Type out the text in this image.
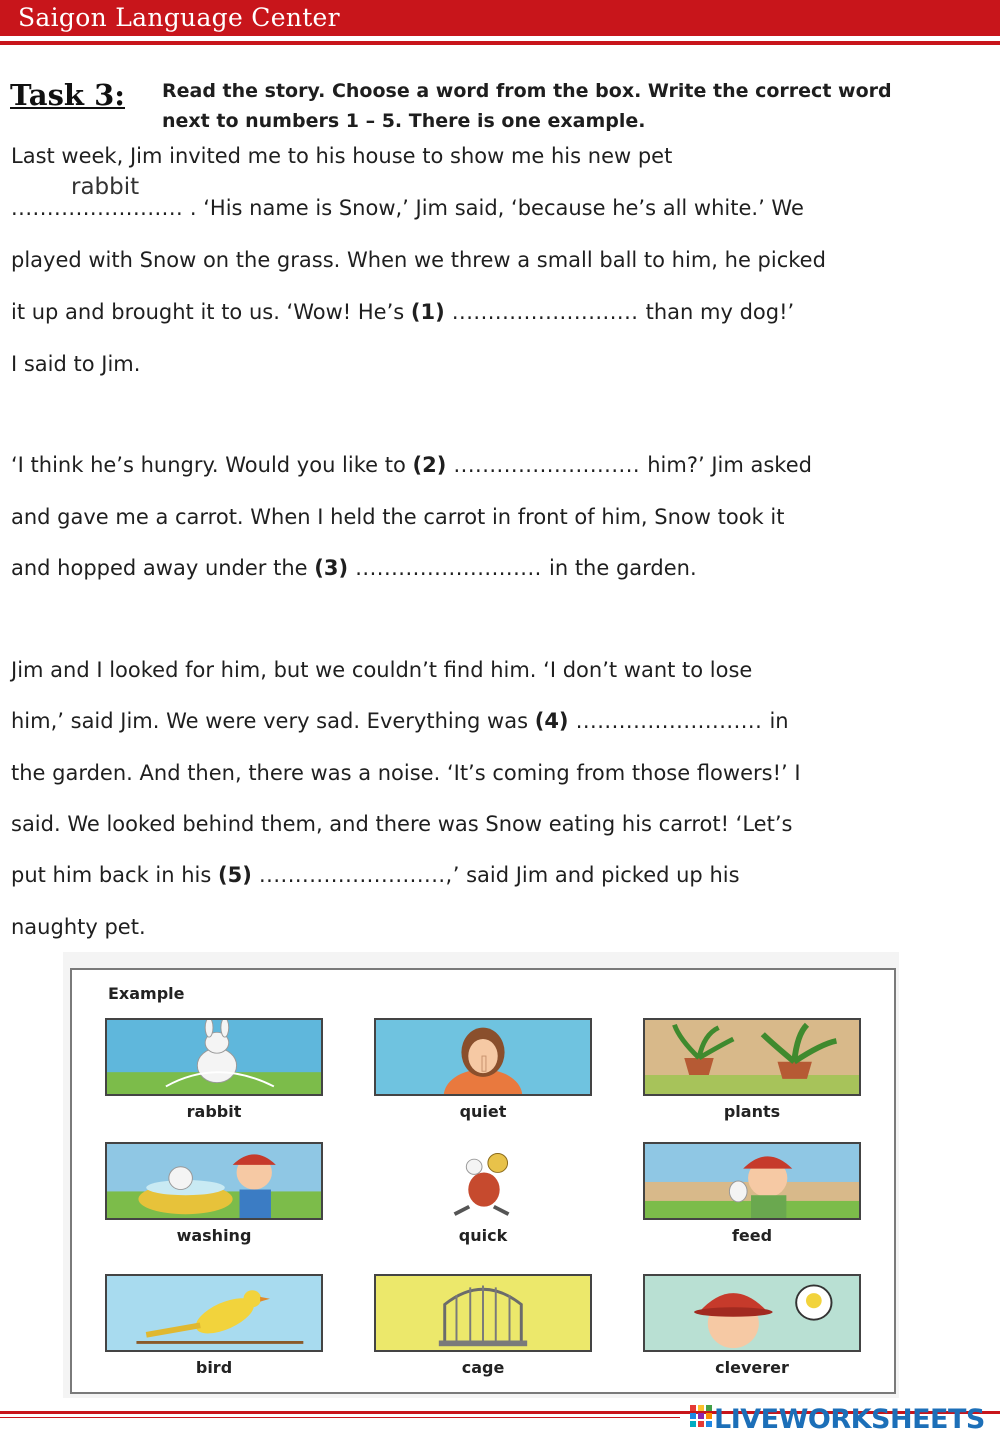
Saigon Language Center
Task 3: Read the story. Choose a word from the box. Write the correct word
next to numbers 1 – 5. There is one example.
Last week, Jim invited me to his house to show me his new pet
........................
rabbit
. ‘His name is Snow,’ Jim said, ‘because he’s all white.’ We
played with Snow on the grass. When we threw a small ball to him, he picked
it up and brought it to us. ‘Wow! He’s (1) .......................... than my dog!’
I said to Jim.
‘I think he’s hungry. Would you like to (2) .......................... him?’ Jim asked
and gave me a carrot. When I held the carrot in front of him, Snow took it
and hopped away under the (3) .......................... in the garden.
Jim and I looked for him, but we couldn’t find him. ‘I don’t want to lose
him,’ said Jim. We were very sad. Everything was (4) .......................... in
the garden. And then, there was a noise. ‘It’s coming from those flowers!’ I
said. We looked behind them, and there was Snow eating his carrot! ‘Let’s
put him back in his (5) ..........................,’ said Jim and picked up his
naughty pet.
Example
rabbit	quiet	plants
washing	quick	feed
bird	cage	cleverer
LIVEWORKSHEETS
